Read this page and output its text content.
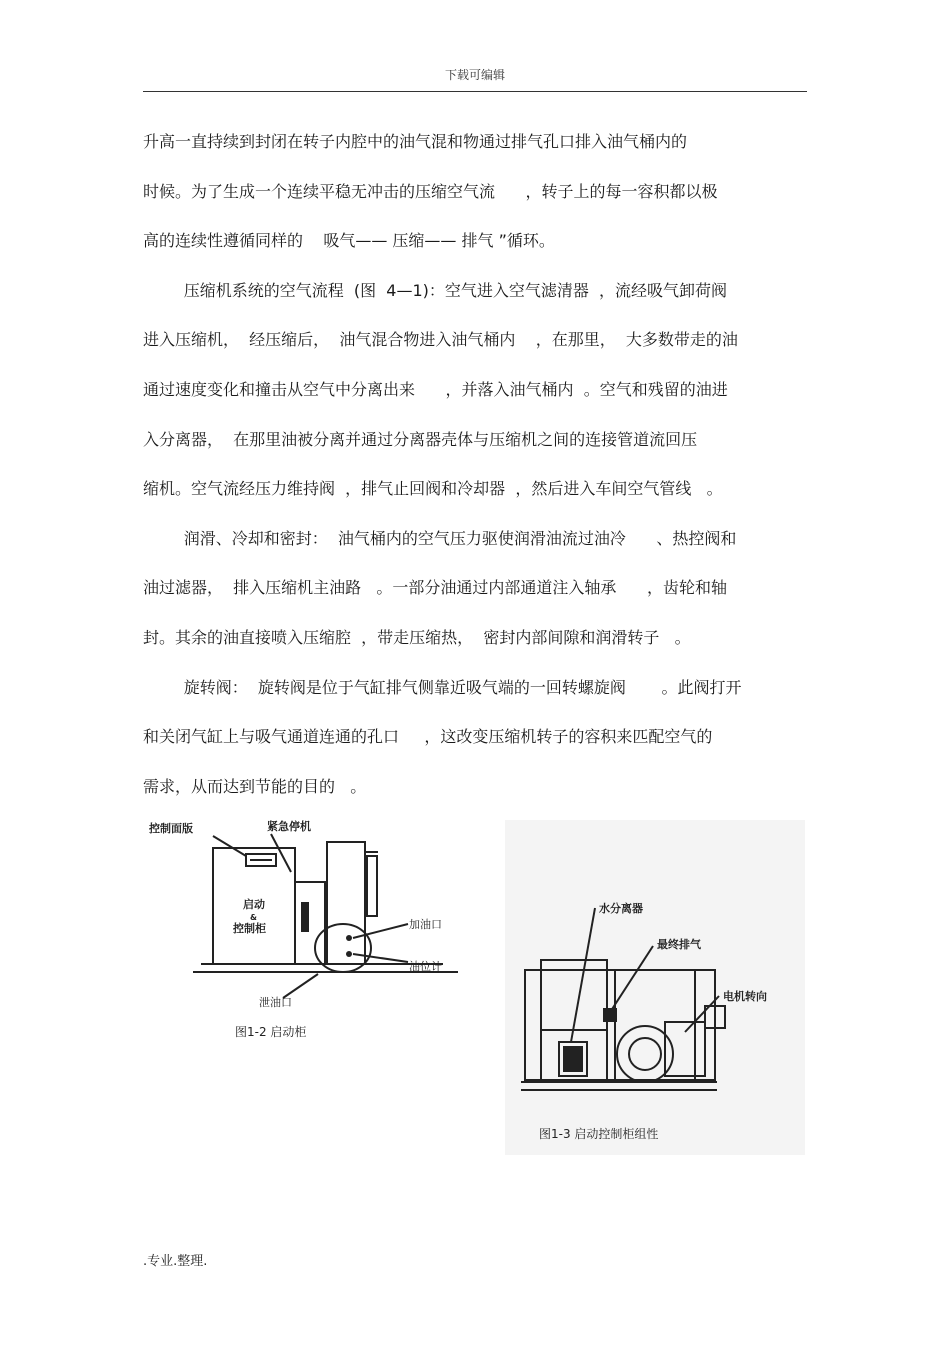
下载可编辑
升高一直持续到封闭在转子内腔中的油气混和物通过排气孔口排入油气桶内的
时候。为了生成一个连续平稳无冲击的压缩空气流      ，转子上的每一容积都以极
高的连续性遵循同样的    吸气—— 压缩—— 排气 ”循环。
压缩机系统的空气流程  (图  4—1)：空气进入空气滤清器  ，流经吸气卸荷阀
进入压缩机，  经压缩后，  油气混合物进入油气桶内    ，在那里，  大多数带走的油
通过速度变化和撞击从空气中分离出来      ，并落入油气桶内  。空气和残留的油进
入分离器，  在那里油被分离并通过分离器壳体与压缩机之间的连接管道流回压
缩机。空气流经压力维持阀  ，排气止回阀和冷却器  ，然后进入车间空气管线   。
润滑、冷却和密封：  油气桶内的空气压力驱使润滑油流过油冷      、热控阀和
油过滤器，  排入压缩机主油路   。一部分油通过内部通道注入轴承      ，齿轮和轴
封。其余的油直接喷入压缩腔  ，带走压缩热，  密封内部间隙和润滑转子   。
旋转阀：  旋转阀是位于气缸排气侧靠近吸气端的一回转螺旋阀       。此阀打开
和关闭气缸上与吸气通道连通的孔口     ，这改变压缩机转子的容积来匹配空气的
需求，从而达到节能的目的   。
控制面版	紧急停机
启动
&
控制柜	加油口
油位计
泄油口
图1-2 启动柜
水分离器
最终排气
电机转向
图1-3 启动控制柜组性
.专业.整理.
